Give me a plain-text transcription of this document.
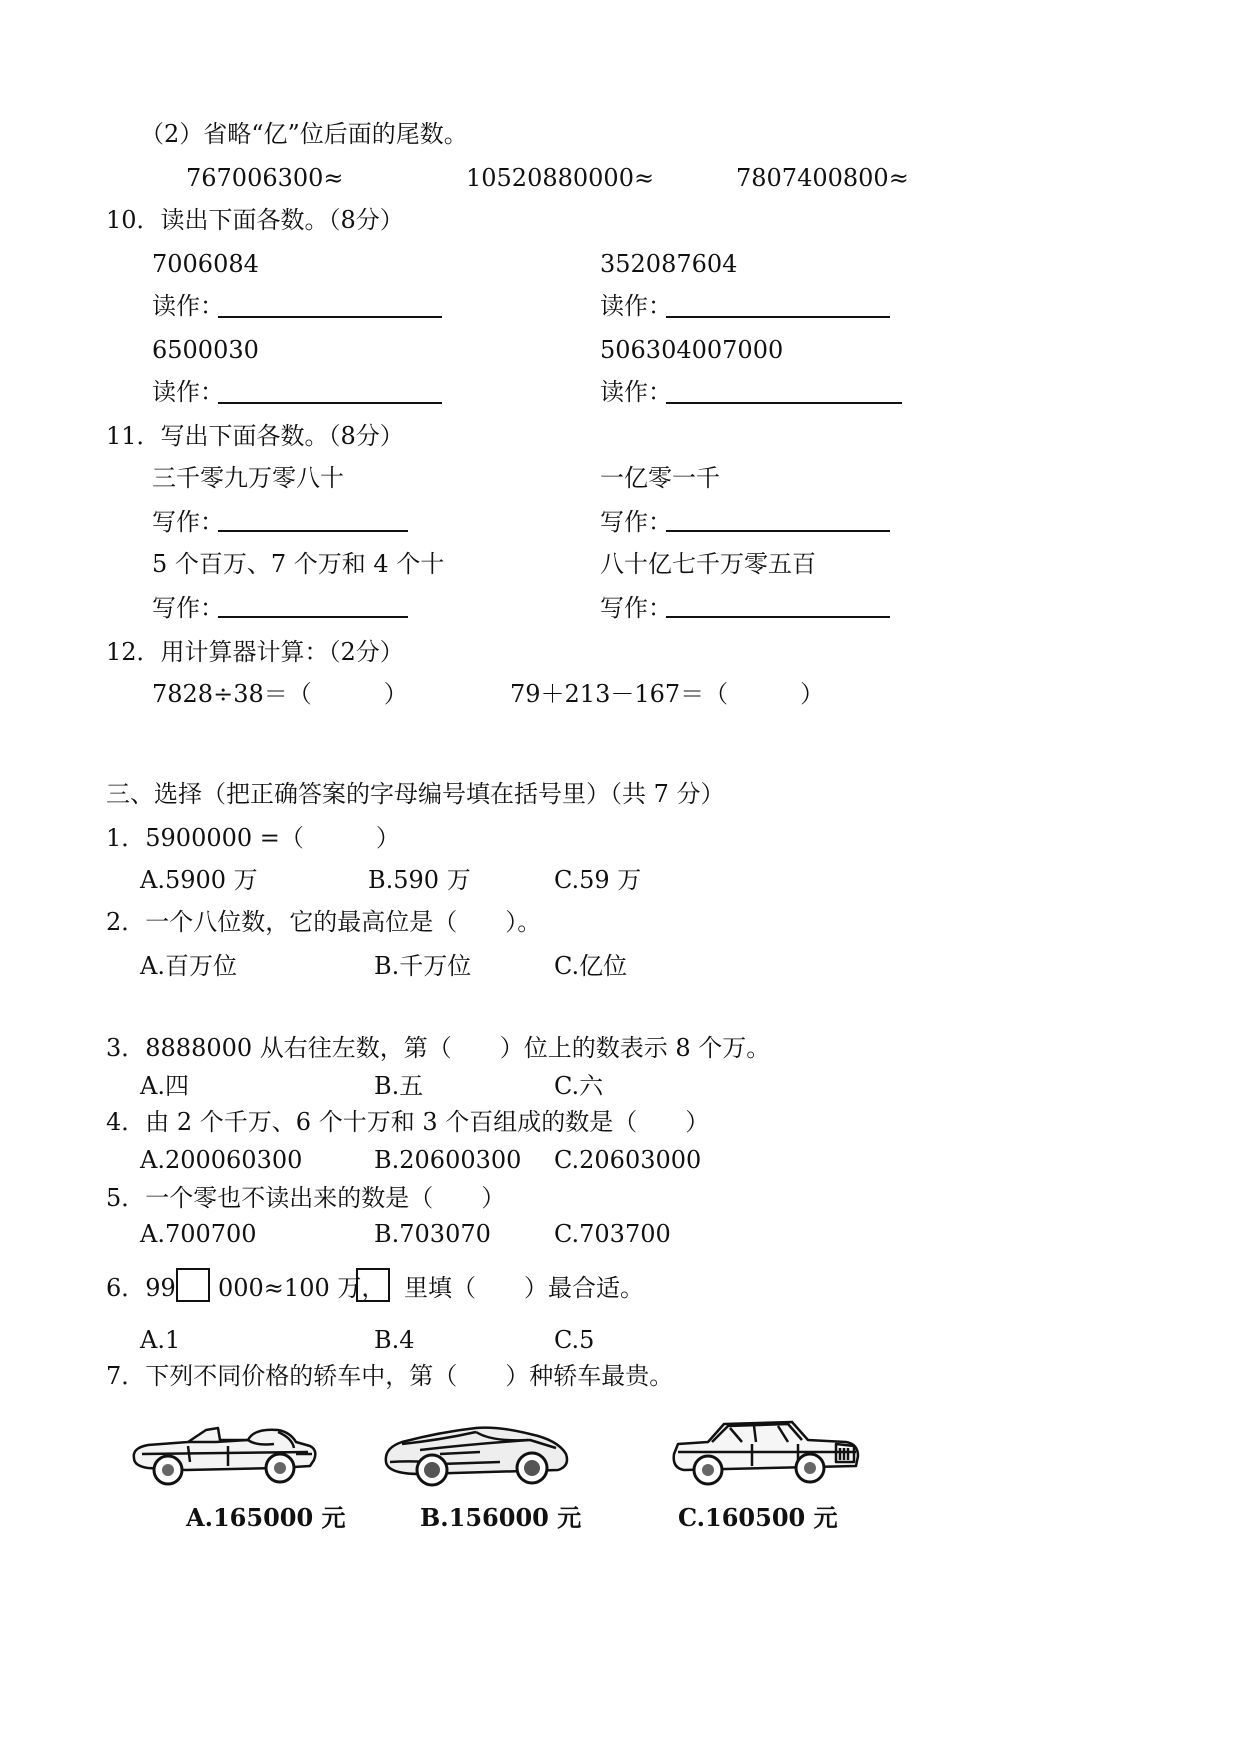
（2）省略“亿”位后面的尾数。
767006300≈	10520880000≈	7807400800≈
10．读出下面各数。（8分）
7006084	352087604
读作：	读作：
6500030	506304007000
读作：	读作：
11．写出下面各数。（8分）
三千零九万零八十	一亿零一千
写作：	写作：
5 个百万、7 个万和 4 个十	八十亿七千万零五百
写作：	写作：
12．用计算器计算：（2分）
7828÷38＝（　　　）	79＋213－167＝（　　　）
三、选择（把正确答案的字母编号填在括号里）（共 7 分）
1．5900000 =（　　　）
A.5900 万	B.590 万	C.59 万
2．一个八位数，它的最高位是（　　）。
A.百万位	B.千万位	C.亿位
3．8888000 从右往左数，第（　　）位上的数表示 8 个万。
A.四	B.五	C.六
4．由 2 个千万、6 个十万和 3 个百组成的数是（　　）
A.200060300	B.20600300 C.20603000
5．一个零也不读出来的数是（　　）
A.700700	B.703070	C.703700
6．99 000≈100 万， 里填（　　）最合适。
A.1	B.4	C.5
7．下列不同价格的轿车中，第（　　）种轿车最贵。
A.165000 元	B.156000 元	C.160500 元
